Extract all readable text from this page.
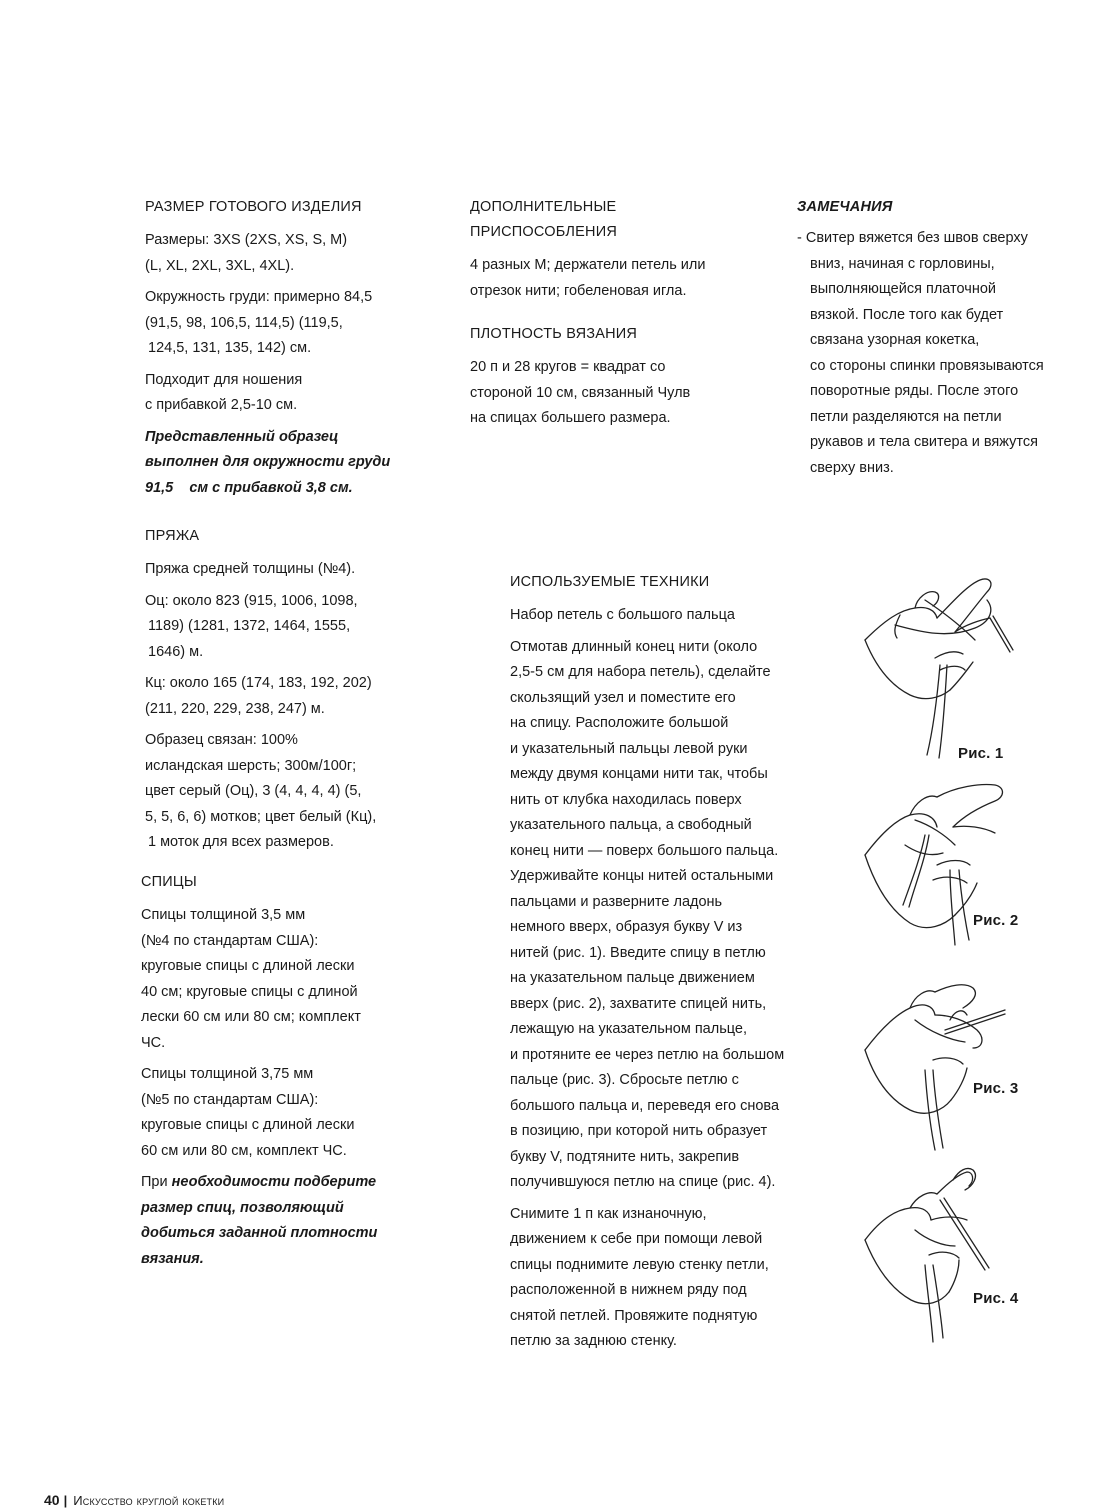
РАЗМЕР ГОТОВОГО ИЗДЕЛИЯ

Размеры: 3XS (2XS, XS, S, M)
(L, XL, 2XL, 3XL, 4XL).

Окружность груди: примерно 84,5
(91,5, 98, 106,5, 114,5) (119,5,
124,5, 131, 135, 142) см.

Подходит для ношения
с прибавкой 2,5-10 см.

Представленный образец
выполнен для окружности груди
91,5    см с прибавкой 3,8 см.

ПРЯЖА

Пряжа средней толщины (№4).

Оц: около 823 (915, 1006, 1098,
1189) (1281, 1372, 1464, 1555,
1646) м.

Кц: около 165 (174, 183, 192, 202)
(211, 220, 229, 238, 247) м.

Образец связан: 100%
исландская шерсть; 300м/100г;
цвет серый (Оц), 3 (4, 4, 4, 4) (5,
5, 5, 6, 6) мотков; цвет белый (Кц),
1 моток для всех размеров.

СПИЦЫ

Спицы толщиной 3,5 мм
(№4 по стандартам США):
круговые спицы с длиной лески
40 см; круговые спицы с длиной
лески 60 см или 80 см; комплект
ЧС.

Спицы толщиной 3,75 мм
(№5 по стандартам США):
круговые спицы с длиной лески
60 см или 80 см, комплект ЧС.

При необходимости подберите
размер спиц, позволяющий
добиться заданной плотности
вязания.

ДОПОЛНИТЕЛЬНЫЕ
ПРИСПОСОБЛЕНИЯ

4 разных М; держатели петель или
отрезок нити; гобеленовая игла.

ПЛОТНОСТЬ ВЯЗАНИЯ

20 п и 28 кругов = квадрат со
стороной 10 см, связанный Чулв
на спицах большего размера.

ЗАМЕЧАНИЯ

- Свитер вяжется без швов сверху
вниз, начиная с горловины,
выполняющейся платочной
вязкой. После того как будет
связана узорная кокетка,
со стороны спинки провязываются
поворотные ряды. После этого
петли разделяются на петли
рукавов и тела свитера и вяжутся
сверху вниз.

ИСПОЛЬЗУЕМЫЕ ТЕХНИКИ

Набор петель с большого пальца

Отмотав длинный конец нити (около
2,5-5 см для набора петель), сделайте
скользящий узел и поместите его
на спицу. Расположите большой
и указательный пальцы левой руки
между двумя концами нити так, чтобы
нить от клубка находилась поверх
указательного пальца, а свободный
конец нити — поверх большого пальца.
Удерживайте концы нитей остальными
пальцами и разверните ладонь
немного вверх, образуя букву V из
нитей (рис. 1). Введите спицу в петлю
на указательном пальце движением
вверх (рис. 2), захватите спицей нить,
лежащую на указательном пальце,
и протяните ее через петлю на большом
пальце (рис. 3). Сбросьте петлю с
большого пальца и, переведя его снова
в позицию, при которой нить образует
букву V, подтяните нить, закрепив
получившуюся петлю на спице (рис. 4).

Снимите 1 п как изнаночную,
движением к себе при помощи левой
спицы поднимите левую стенку петли,
расположенной в нижнем ряду под
снятой петлей. Провяжите поднятую
петлю за заднюю стенку.

Рис. 1
Рис. 2
Рис. 3
Рис. 4
40 | Искусство круглой кокетки
